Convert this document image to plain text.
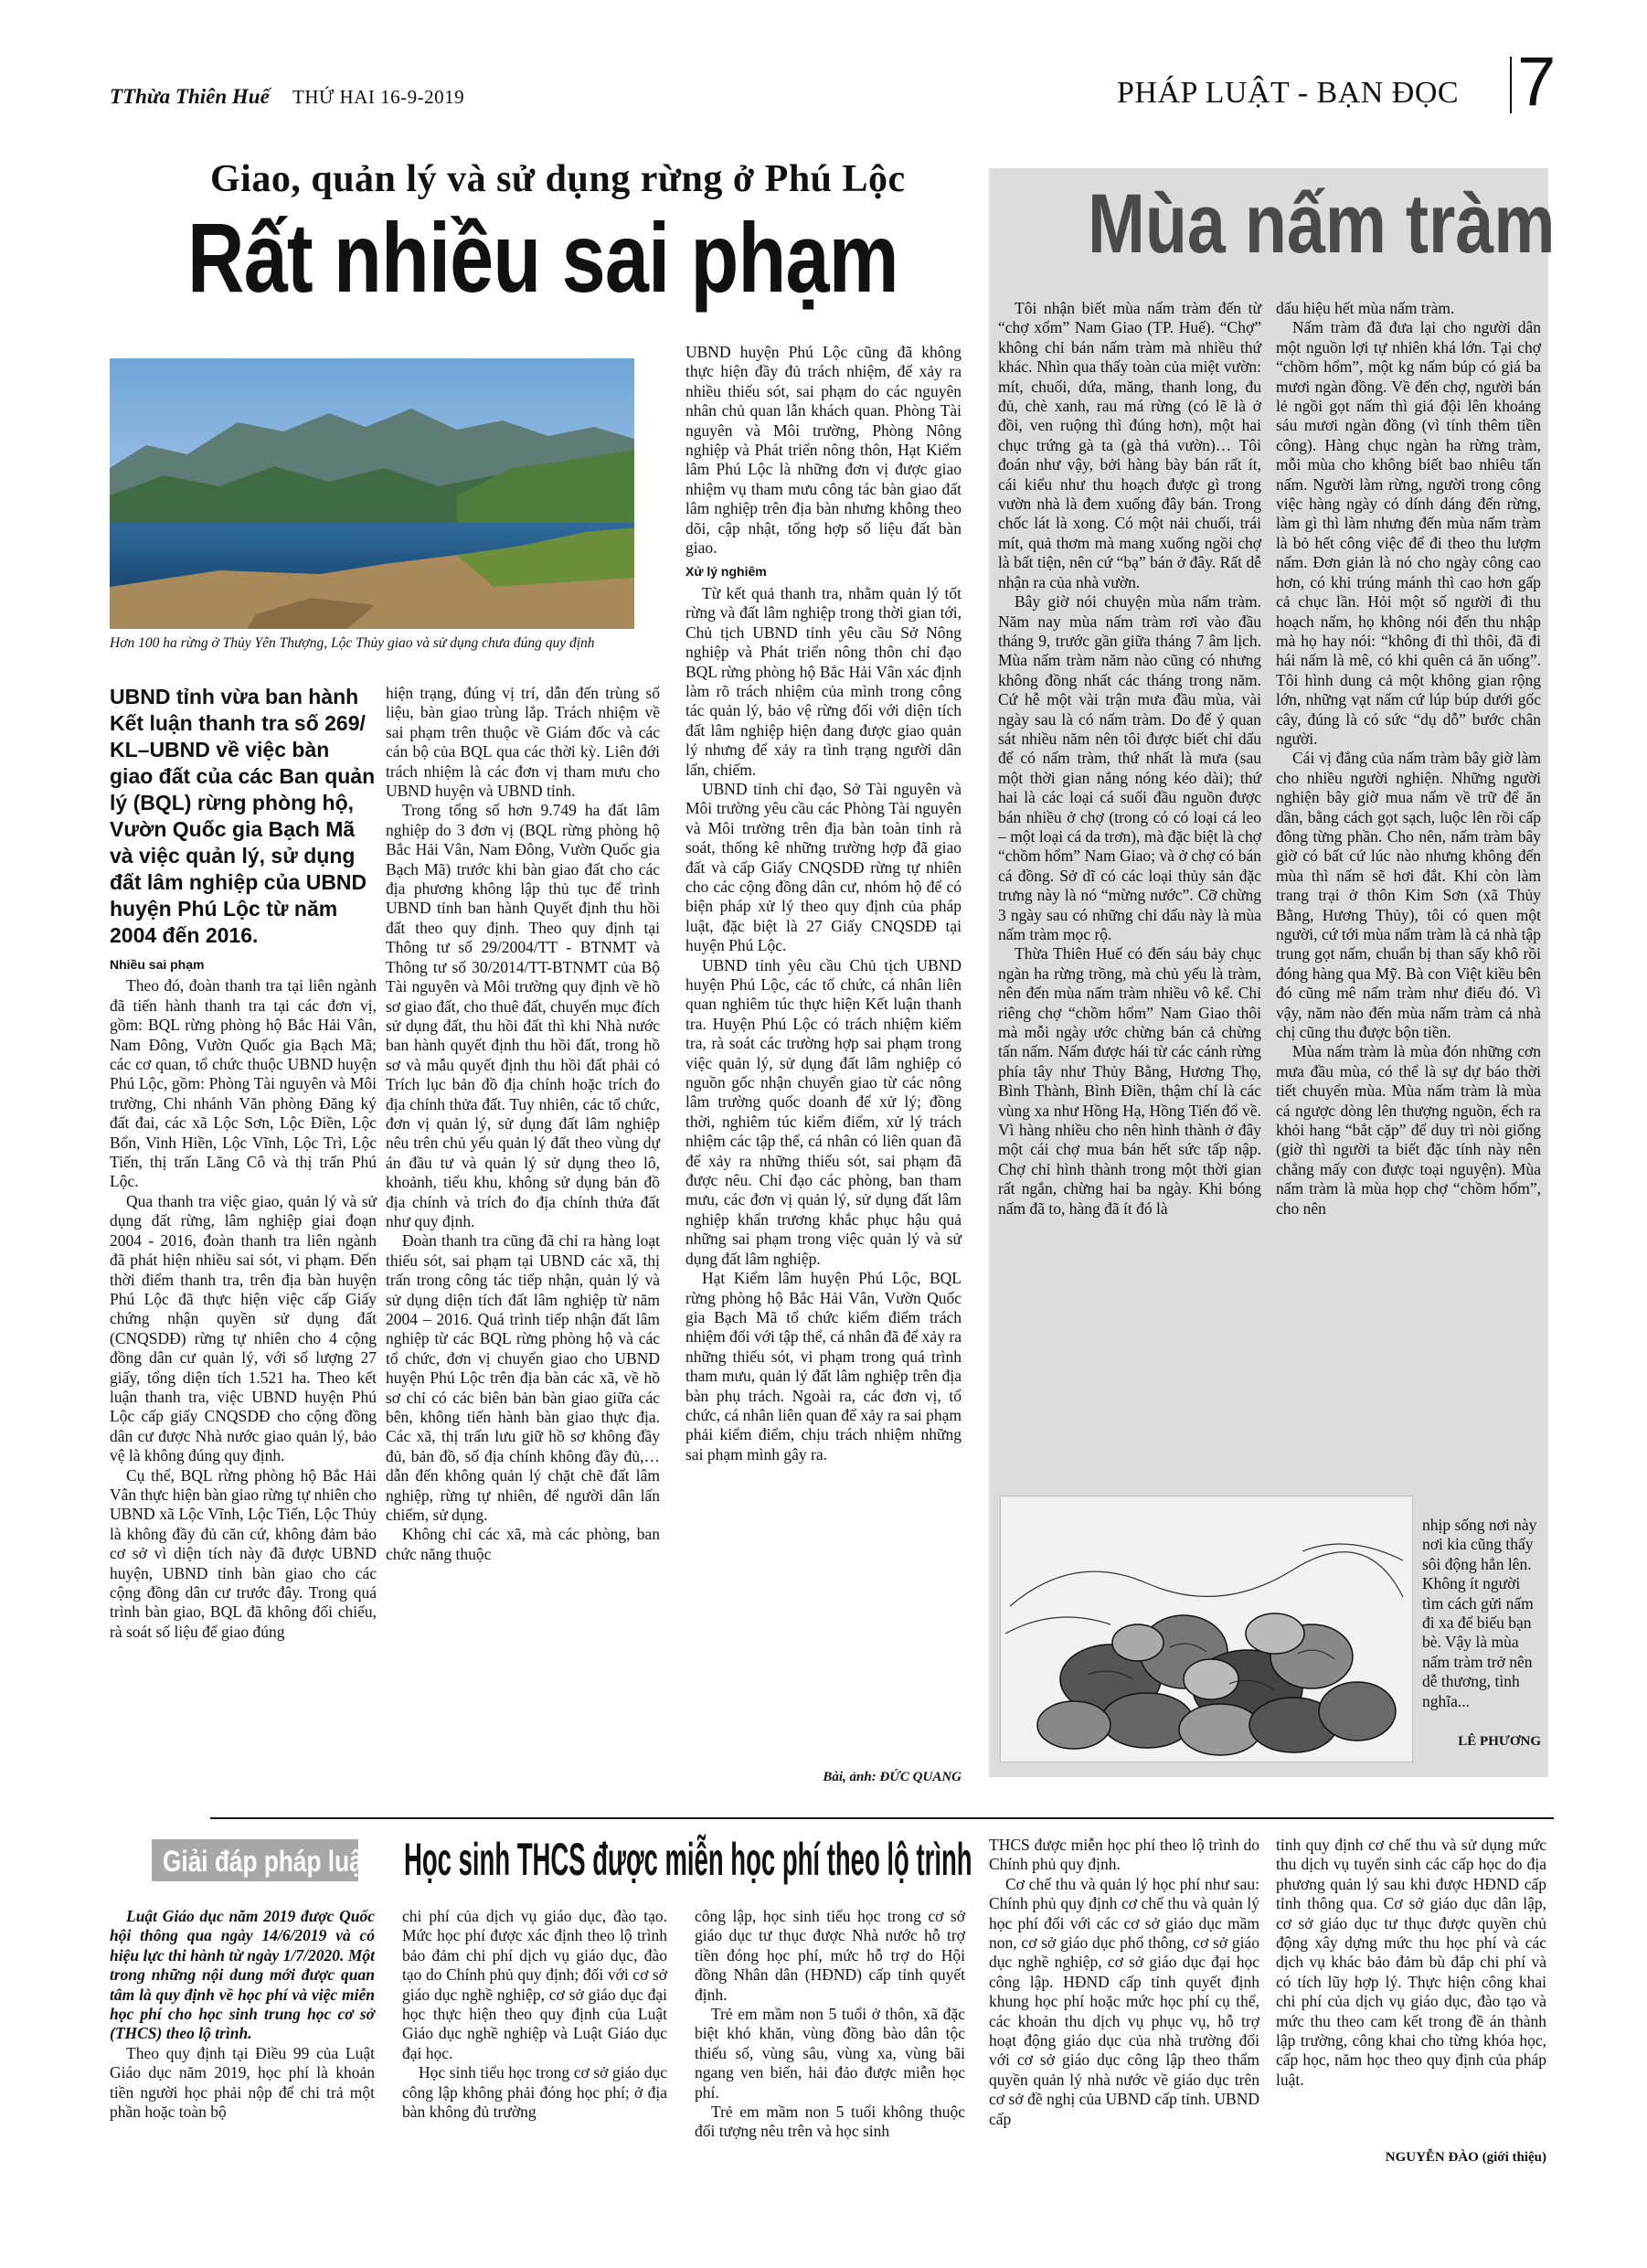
TThừa Thiên Huế THỨ HAI 16-9-2019	PHÁP LUẬT - BẠN ĐỌC 7
Giao, quản lý và sử dụng rừng ở Phú Lộc
Rất nhiều sai phạm
Hơn 100 ha rừng ở Thủy Yên Thượng, Lộc Thủy giao và sử dụng chưa đúng quy định
UBND tỉnh vừa ban hành Kết luận thanh tra số 269/ KL–UBND về việc bàn giao đất của các Ban quản lý (BQL) rừng phòng hộ, Vườn Quốc gia Bạch Mã và việc quản lý, sử dụng đất lâm nghiệp của UBND huyện Phú Lộc từ năm 2004 đến 2016.

Nhiều sai phạm

Theo đó, đoàn thanh tra tại liên ngành đã tiến hành thanh tra tại các đơn vị, gồm: BQL rừng phòng hộ Bắc Hải Vân, Nam Đông, Vườn Quốc gia Bạch Mã; các cơ quan, tổ chức thuộc UBND huyện Phú Lộc, gồm: Phòng Tài nguyên và Môi trường, Chi nhánh Văn phòng Đăng ký đất đai, các xã Lộc Sơn, Lộc Điền, Lộc Bổn, Vinh Hiền, Lộc Vĩnh, Lộc Trì, Lộc Tiến, thị trấn Lăng Cô và thị trấn Phú Lộc.

Qua thanh tra việc giao, quản lý và sử dụng đất rừng, lâm nghiệp giai đoạn 2004 - 2016, đoàn thanh tra liên ngành đã phát hiện nhiều sai sót, vi phạm. Đến thời điểm thanh tra, trên địa bàn huyện Phú Lộc đã thực hiện việc cấp Giấy chứng nhận quyền sử dụng đất (CNQSDĐ) rừng tự nhiên cho 4 cộng đồng dân cư quản lý, với số lượng 27 giấy, tổng diện tích 1.521 ha. Theo kết luận thanh tra, việc UBND huyện Phú Lộc cấp giấy CNQSDĐ cho cộng đồng dân cư được Nhà nước giao quản lý, bảo vệ là không đúng quy định.

Cụ thể, BQL rừng phòng hộ Bắc Hải Vân thực hiện bàn giao rừng tự nhiên cho UBND xã Lộc Vĩnh, Lộc Tiến, Lộc Thủy là không đầy đủ căn cứ, không đảm bảo cơ sở vì diện tích này đã được UBND huyện, UBND tỉnh bàn giao cho các cộng đồng dân cư trước đây. Trong quá trình bàn giao, BQL đã không đối chiếu, rà soát số liệu để giao đúng

hiện trạng, đúng vị trí, dẫn đến trùng số liệu, bàn giao trùng lắp. Trách nhiệm về sai phạm trên thuộc về Giám đốc và các cán bộ của BQL qua các thời kỳ. Liên đới trách nhiệm là các đơn vị tham mưu cho UBND huyện và UBND tỉnh.

Trong tổng số hơn 9.749 ha đất lâm nghiệp do 3 đơn vị (BQL rừng phòng hộ Bắc Hải Vân, Nam Đông, Vườn Quốc gia Bạch Mã) trước khi bàn giao đất cho các địa phương không lập thủ tục để trình UBND tỉnh ban hành Quyết định thu hồi đất theo quy định. Theo quy định tại Thông tư số 29/2004/TT - BTNMT và Thông tư số 30/2014/TT-BTNMT của Bộ Tài nguyên và Môi trường quy định về hồ sơ giao đất, cho thuê đất, chuyển mục đích sử dụng đất, thu hồi đất thì khi Nhà nước ban hành quyết định thu hồi đất, trong hồ sơ và mẫu quyết định thu hồi đất phải có Trích lục bản đồ địa chính hoặc trích đo địa chính thửa đất. Tuy nhiên, các tổ chức, đơn vị quản lý, sử dụng đất lâm nghiệp nêu trên chủ yếu quản lý đất theo vùng dự án đầu tư và quản lý sử dụng theo lô, khoảnh, tiểu khu, không sử dụng bản đồ địa chính và trích đo địa chính thửa đất như quy định.

Đoàn thanh tra cũng đã chỉ ra hàng loạt thiếu sót, sai phạm tại UBND các xã, thị trấn trong công tác tiếp nhận, quản lý và sử dụng diện tích đất lâm nghiệp từ năm 2004 – 2016. Quá trình tiếp nhận đất lâm nghiệp từ các BQL rừng phòng hộ và các tổ chức, đơn vị chuyển giao cho UBND huyện Phú Lộc trên địa bàn các xã, về hồ sơ chỉ có các biên bản bàn giao giữa các bên, không tiến hành bàn giao thực địa. Các xã, thị trấn lưu giữ hồ sơ không đầy đủ, bản đồ, số địa chính không đầy đủ,… dẫn đến không quản lý chặt chẽ đất lâm nghiệp, rừng tự nhiên, để người dân lấn chiếm, sử dụng.

Không chỉ các xã, mà các phòng, ban chức năng thuộc

UBND huyện Phú Lộc cũng đã không thực hiện đầy đủ trách nhiệm, để xảy ra nhiều thiếu sót, sai phạm do các nguyên nhân chủ quan lẫn khách quan. Phòng Tài nguyên và Môi trường, Phòng Nông nghiệp và Phát triển nông thôn, Hạt Kiểm lâm Phú Lộc là những đơn vị được giao nhiệm vụ tham mưu công tác bàn giao đất lâm nghiệp trên địa bàn nhưng không theo dõi, cập nhật, tổng hợp số liệu đất bàn giao.

Xử lý nghiêm

Từ kết quả thanh tra, nhằm quản lý tốt rừng và đất lâm nghiệp trong thời gian tới, Chủ tịch UBND tỉnh yêu cầu Sở Nông nghiệp và Phát triển nông thôn chỉ đạo BQL rừng phòng hộ Bắc Hải Vân xác định làm rõ trách nhiệm của mình trong công tác quản lý, bảo vệ rừng đối với diện tích đất lâm nghiệp hiện đang được giao quản lý nhưng để xảy ra tình trạng người dân lấn, chiếm.

UBND tỉnh chỉ đạo, Sở Tài nguyên và Môi trường yêu cầu các Phòng Tài nguyên và Môi trường trên địa bàn toàn tỉnh rà soát, thống kê những trường hợp đã giao đất và cấp Giấy CNQSDĐ rừng tự nhiên cho các cộng đồng dân cư, nhóm hộ để có biện pháp xử lý theo quy định của pháp luật, đặc biệt là 27 Giấy CNQSDĐ tại huyện Phú Lộc.

UBND tỉnh yêu cầu Chủ tịch UBND huyện Phú Lộc, các tổ chức, cá nhân liên quan nghiêm túc thực hiện Kết luận thanh tra. Huyện Phú Lộc có trách nhiệm kiểm tra, rà soát các trường hợp sai phạm trong việc quản lý, sử dụng đất lâm nghiệp có nguồn gốc nhận chuyển giao từ các nông lâm trường quốc doanh để xử lý; đồng thời, nghiêm túc kiểm điểm, xử lý trách nhiệm các tập thể, cá nhân có liên quan đã để xảy ra những thiếu sót, sai phạm đã được nêu. Chỉ đạo các phòng, ban tham mưu, các đơn vị quản lý, sử dụng đất lâm nghiệp khẩn trương khắc phục hậu quả những sai phạm trong việc quản lý và sử dụng đất lâm nghiệp.

Hạt Kiểm lâm huyện Phú Lộc, BQL rừng phòng hộ Bắc Hải Vân, Vườn Quốc gia Bạch Mã tổ chức kiểm điểm trách nhiệm đối với tập thể, cá nhân đã để xảy ra những thiếu sót, vi phạm trong quá trình tham mưu, quản lý đất lâm nghiệp trên địa bàn phụ trách. Ngoài ra, các đơn vị, tổ chức, cá nhân liên quan để xảy ra sai phạm phải kiểm điểm, chịu trách nhiệm những sai phạm mình gây ra.

Bài, ảnh: ĐỨC QUANG
Mùa nấm tràm

Tôi nhận biết mùa nấm tràm đến từ “chợ xổm” Nam Giao (TP. Huế). “Chợ” không chỉ bán nấm tràm mà nhiều thứ khác. Nhìn qua thấy toàn của miệt vườn: mít, chuối, dứa, măng, thanh long, đu đủ, chè xanh, rau má rừng (có lẽ là ở đồi, ven ruộng thì đúng hơn), một hai chục trứng gà ta (gà thả vườn)… Tôi đoán như vậy, bởi hàng bày bán rất ít, cái kiểu như thu hoạch được gì trong vườn nhà là đem xuống đây bán. Trong chốc lát là xong. Có một nải chuối, trái mít, quả thơm mà mang xuống ngồi chợ là bất tiện, nên cứ “bạ” bán ở đây. Rất dễ nhận ra của nhà vườn.

Bây giờ nói chuyện mùa nấm tràm. Năm nay mùa nấm tràm rơi vào đầu tháng 9, trước gần giữa tháng 7 âm lịch. Mùa nấm tràm năm nào cũng có nhưng không đồng nhất các tháng trong năm. Cứ hễ một vài trận mưa đầu mùa, vài ngày sau là có nấm tràm. Do để ý quan sát nhiều năm nên tôi được biết chỉ dấu để có nấm tràm, thứ nhất là mưa (sau một thời gian nắng nóng kéo dài); thứ hai là các loại cá suối đầu nguồn được bán nhiều ở chợ (trong có có loại cá leo – một loại cá da trơn), mà đặc biệt là chợ “chồm hổm” Nam Giao; và ở chợ có bán cá đồng. Sở dĩ có các loại thủy sản đặc trưng này là nó “mừng nước”. Cỡ chừng 3 ngày sau có những chỉ dấu này là mùa nấm tràm mọc rộ.

Thừa Thiên Huế có đến sáu bảy chục ngàn ha rừng trồng, mà chủ yếu là tràm, nên đến mùa nấm tràm nhiều vô kể. Chỉ riêng chợ “chồm hổm” Nam Giao thôi mà mỗi ngày ước chừng bán cả chừng tấn nấm. Nấm được hái từ các cánh rừng phía tây như Thủy Bằng, Hương Thọ, Bình Thành, Bình Điền, thậm chí là các vùng xa như Hồng Hạ, Hồng Tiến đổ về. Vì hàng nhiều cho nên hình thành ở đây một cái chợ mua bán hết sức tấp nập. Chợ chỉ hình thành trong một thời gian rất ngắn, chừng hai ba ngày. Khi bóng nấm đã to, hàng đã ít đó là

dấu hiệu hết mùa nấm tràm.

Nấm tràm đã đưa lại cho người dân một nguồn lợi tự nhiên khá lớn. Tại chợ “chồm hổm”, một kg nấm búp có giá ba mươi ngàn đồng. Về đến chợ, người bán lẻ ngồi gọt nấm thì giá đội lên khoảng sáu mươi ngàn đồng (vì tính thêm tiền công). Hàng chục ngàn ha rừng tràm, mỗi mùa cho không biết bao nhiêu tấn nấm. Người làm rừng, người trong công việc hàng ngày có dính dáng đến rừng, làm gì thì làm nhưng đến mùa nấm tràm là bỏ hết công việc để đi theo thu lượm nấm. Đơn giản là nó cho ngày công cao hơn, có khi trúng mánh thì cao hơn gấp cả chục lần. Hỏi một số người đi thu hoạch nấm, họ không nói đến thu nhập mà họ hay nói: “không đi thì thôi, đã đi hái nấm là mê, có khi quên cả ăn uống”. Tôi hình dung cả một không gian rộng lớn, những vạt nấm cứ lúp búp dưới gốc cây, đúng là có sức “dụ dỗ” bước chân người.

Cái vị đắng của nấm tràm bây giờ làm cho nhiều người nghiện. Những người nghiện bây giờ mua nấm về trữ để ăn dần, bằng cách gọt sạch, luộc lên rồi cấp đông từng phần. Cho nên, nấm tràm bây giờ có bất cứ lúc nào nhưng không đến mùa thì nấm sẽ hơi đắt. Khi còn làm trang trại ở thôn Kim Sơn (xã Thủy Bằng, Hương Thủy), tôi có quen một người, cứ tới mùa nấm tràm là cả nhà tập trung gọt nấm, chuẩn bị than sấy khô rồi đóng hàng qua Mỹ. Bà con Việt kiều bên đó cũng mê nấm tràm như điếu đó. Vì vậy, năm nào đến mùa nấm tràm cả nhà chị cũng thu được bộn tiền.

Mùa nấm tràm là mùa đón những cơn mưa đầu mùa, có thể là sự dự báo thời tiết chuyển mùa. Mùa nấm tràm là mùa cá ngược dòng lên thượng nguồn, ếch ra khỏi hang “bắt cặp” để duy trì nòi giống (giờ thì người ta biết đặc tính này nên chẳng mấy con được toại nguyện). Mùa nấm tràm là mùa họp chợ “chồm hổm”, cho nên

nhịp sống nơi này nơi kia cũng thấy sôi động hẳn lên. Không ít người tìm cách gửi nấm đi xa để biếu bạn bè. Vậy là mùa nấm tràm trở nên dễ thương, tình nghĩa...

LÊ PHƯƠNG
Giải đáp pháp luật Học sinh THCS được miễn học phí theo lộ trình

Luật Giáo dục năm 2019 được Quốc hội thông qua ngày 14/6/2019 và có hiệu lực thi hành từ ngày 1/7/2020. Một trong những nội dung mới được quan tâm là quy định về học phí và việc miễn học phí cho học sinh trung học cơ sở (THCS) theo lộ trình.

Theo quy định tại Điều 99 của Luật Giáo dục năm 2019, học phí là khoản tiền người học phải nộp để chi trả một phần hoặc toàn bộ

chi phí của dịch vụ giáo dục, đào tạo. Mức học phí được xác định theo lộ trình bảo đảm chi phí dịch vụ giáo dục, đào tạo do Chính phủ quy định; đối với cơ sở giáo dục nghề nghiệp, cơ sở giáo dục đại học thực hiện theo quy định của Luật Giáo dục nghề nghiệp và Luật Giáo dục đại học.

Học sinh tiểu học trong cơ sở giáo dục công lập không phải đóng học phí; ở địa bàn không đủ trường

công lập, học sinh tiểu học trong cơ sở giáo dục tư thục được Nhà nước hỗ trợ tiền đóng học phí, mức hỗ trợ do Hội đồng Nhân dân (HĐND) cấp tỉnh quyết định.

Trẻ em mầm non 5 tuổi ở thôn, xã đặc biệt khó khăn, vùng đồng bào dân tộc thiểu số, vùng sâu, vùng xa, vùng bãi ngang ven biển, hải đảo được miễn học phí.

Trẻ em mầm non 5 tuổi không thuộc đối tượng nêu trên và học sinh

THCS được miễn học phí theo lộ trình do Chính phủ quy định.

Cơ chế thu và quản lý học phí như sau: Chính phủ quy định cơ chế thu và quản lý học phí đối với các cơ sở giáo dục mầm non, cơ sở giáo dục phổ thông, cơ sở giáo dục nghề nghiệp, cơ sở giáo dục đại học công lập. HĐND cấp tỉnh quyết định khung học phí hoặc mức học phí cụ thể, các khoản thu dịch vụ phục vụ, hỗ trợ hoạt động giáo dục của nhà trường đối với cơ sở giáo dục công lập theo thẩm quyền quản lý nhà nước về giáo dục trên cơ sở đề nghị của UBND cấp tỉnh. UBND cấp

tỉnh quy định cơ chế thu và sử dụng mức thu dịch vụ tuyển sinh các cấp học do địa phương quản lý sau khi được HĐND cấp tỉnh thông qua. Cơ sở giáo dục dân lập, cơ sở giáo dục tư thục được quyền chủ động xây dựng mức thu học phí và các dịch vụ khác bảo đảm bù đắp chi phí và có tích lũy hợp lý. Thực hiện công khai chi phí của dịch vụ giáo dục, đào tạo và mức thu theo cam kết trong đề án thành lập trường, công khai cho từng khóa học, cấp học, năm học theo quy định của pháp luật.

NGUYỄN ĐÀO (giới thiệu)
